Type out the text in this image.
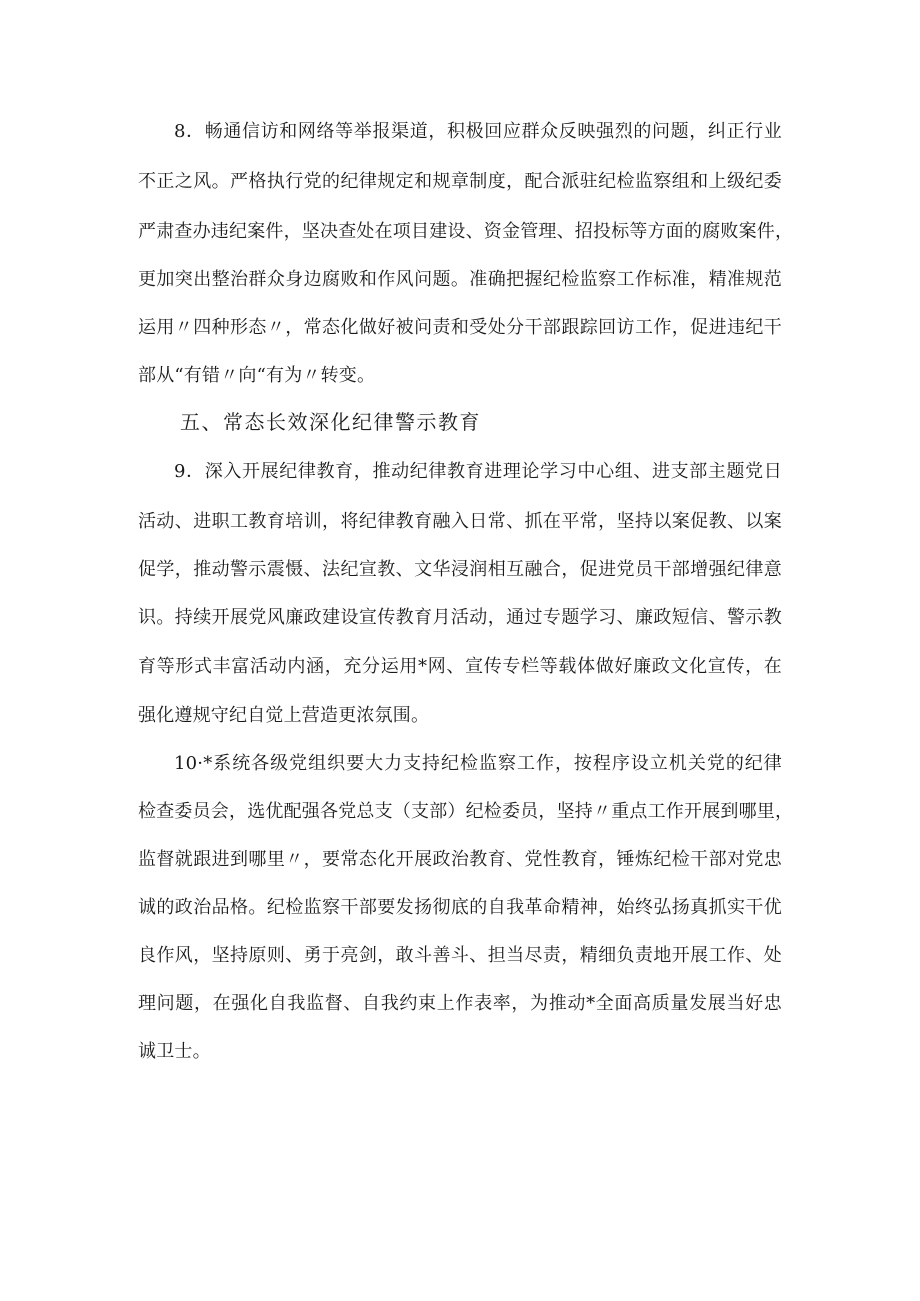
8．畅通信访和网络等举报渠道，积极回应群众反映强烈的问题，纠正行业
不正之风。严格执行党的纪律规定和规章制度，配合派驻纪检监察组和上级纪委
严肃查办违纪案件，坚决查处在项目建设、资金管理、招投标等方面的腐败案件，
更加突出整治群众身边腐败和作风问题。准确把握纪检监察工作标准，精准规范
运用〃四种形态〃，常态化做好被问责和受处分干部跟踪回访工作，促进违纪干
部从“有错〃向“有为〃转变。
五、常态长效深化纪律警示教育
9．深入开展纪律教育，推动纪律教育进理论学习中心组、进支部主题党日
活动、进职工教育培训，将纪律教育融入日常、抓在平常，坚持以案促教、以案
促学，推动警示震慑、法纪宣教、文华浸润相互融合，促进党员干部增强纪律意
识。持续开展党风廉政建设宣传教育月活动，通过专题学习、廉政短信、警示教
育等形式丰富活动内涵，充分运用*网、宣传专栏等载体做好廉政文化宣传，在
强化遵规守纪自觉上营造更浓氛围。
10·*系统各级党组织要大力支持纪检监察工作，按程序设立机关党的纪律
检查委员会，选优配强各党总支（支部）纪检委员，坚持〃重点工作开展到哪里，
监督就跟进到哪里〃，要常态化开展政治教育、党性教育，锤炼纪检干部对党忠
诚的政治品格。纪检监察干部要发扬彻底的自我革命精神，始终弘扬真抓实干优
良作风，坚持原则、勇于亮剑，敢斗善斗、担当尽责，精细负责地开展工作、处
理问题，在强化自我监督、自我约束上作表率，为推动*全面高质量发展当好忠
诚卫士。
